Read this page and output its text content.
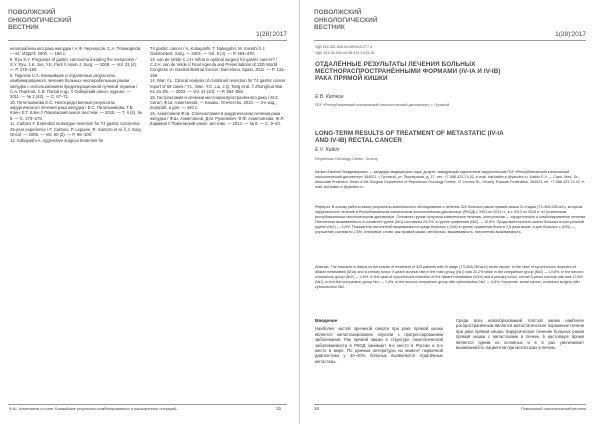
ПОВОЛЖСКИЙ
ОНКОЛОГИЧЕСКИЙ
ВЕСТНИК
1(28)'2017

неоперабельного рака желудка / А.Ф. Черноусов, С.А. Поликарпов. — М.: ИЗДАТ, 2000. — 160 с.

8. Ryu S.Y. Prognosis of gastric carcinoma invading the mesocolon / S.Y. Ryu, J.K. Joo, Y.K. Park // Asian J. Surg. — 2008. — Vol. 31 (4). — P. 175–184.

9. Пирогов С.А. Ближайшие и отдалённые результаты комбинированного лечения больных неоперабельным раком желудка с использованием предоперационной лучевой терапии / С.А. Пирогов, С.В. Попов и др. // Сибирский онкол. журнал. — 2011. — № 2 (42). — С. 67–71.

10. Петельникова Е.С. Непосредственные результаты хирургического лечения рака желудка / Е.С. Петельникова, Т.В. Клен, Е.Г. Клен // Поволжский онкол. вестник. — 2015. — Т. 4 (4). № 5. — С. 273–278.

11. Carboni F. Extended multiorgan resection for T4 gastric carcinoma: 25-year experience / F. Carboni, P. Lepiane, R. Santoro et al. // J. Surg. Oncol. — 2005. — Vol. 90 (2). — P. 95–100.

12. Kobayashi A. Aggressive surgical treatment for

T4 gastric cancer / A. Kobayashi, T. Nakagohri, M. Konishi // J. Gastrointest. Surg. — 2004. — Vol. 8 (4). — P. 464–470.

13. van de Velde C.J.H. What is optimal surgery for gastric cancer? / C.J.H. van de Velde // Final Agenda and Presentations of 13th World Congress on Gastrointestinal Cancer; Barcelona, Spain, 2011. — P. 131–169.

14. Wan Y.L. Clinical analysis of combined resection for T4 gastric cancer report of 69 cases / Y.L. Wan, Y.C. Liu, J.Q. Tang et al. // Zhonghua Wai Ke Za Zhi. — 2003. — Vol. 41 (10). — P. 554–556.

15. Гастрэктомия в лечении местнораспространённого рака / М.З. Сигал, Ф.Ш. Ахметзянов. — Казань: Отечество, 2010. — 3-е изд., перераб. и доп. — 440 с.

16. Ахметзянов Ф.Ш. Спленэктомия в хирургическом лечении рака желудка / Ф.Ш. Ахметзянов, Д.М. Рухилевич, Ф.Ф. Ахметзянова, Ж.Р. Каримов // Поволжский онкол. вестник. — 2014. — № 6. — С. 9–20.

Ф.Ш. Ахметзянов и соавт. Ближайшие результаты комбинированных и расширенных операций...	15
ПОВОЛЖСКИЙ
ОНКОЛОГИЧЕСКИЙ
ВЕСТНИК
1(28)'2017
УДК 616.351-006.04-089:615.277.3
УДК: 616.35-006.04-08-033.2:615.28
ОТДАЛЁННЫЕ РЕЗУЛЬТАТЫ ЛЕЧЕНИЯ БОЛЬНЫХ МЕСТНОРАСПРОСТРАНЁННЫМИ ФОРМАМИ (IV-IA И IV-IB) РАКА ПРЯМОЙ КИШКИ
Е.В. Каткин
ГБУ «Республиканский клинический онкологический диспансер», г. Грозный
LONG-TERM RESULTS OF TREATMENT OF METASTATIC (IV-IA AND IV-IB) RECTAL CANCER
E.V. Katkin
Republican Oncology Center, Grozny
Каткин Евгений Владимирович — кандидат медицинских наук, доцент, заведующий отделением хирургическим ГБУ «Республиканский клинический онкологический диспансер» 364021, г. Грозный, ул. Пионерская, д. 37, тел. +7-988-423-74-02, e-mail: kat.katkin.e.@yandex.ru. Katkin E.V. — Cand. Med. Sc., Associate Professor, Head of the Surgical Department of Republican Oncology Center, 37 Leonov St., Grozny, Russian Federation, 364021, tel. +7-988-423-74-02, e-mail: kat.katkin.e.@yandex.ru
Реферат. В основу работы взяли результаты комплексного обследования и лечения 325 больных раком прямой кишки IV стадии (T3-4N0-2M1a-b), которым хирургическое лечение в Республиканском клиническом онкологическом диспансере (РКОД) с 1991 по 2012 гг., в с 2013 по 2015 гг. в Грозненском республиканском онкологическом диспансере. Основная группа получала комплексное лечение, контрольная — хирургическое и комбинированное лечение. Пятилетняя выживаемость в основной группе (№1) составила 24,2%, в группе сравнения (№2) — 10,8%. Продолжительность жизни больных в контрольной группе (№2) — 4,8%. Показатели пятилетней выживаемости среди больных с (IVA) в группе сравнения были в 2,6 раза выше, а для больных с (IVB) — улучшение составило 2,6%. Ключевые слова: рак прямой кишки, метастазы, выживаемость, пятилетняя выживаемость.
Abstract. The research is based on the results of treatment of 325 patients with IV stage (T3-4N0-2M1a-b) rectal cancer. In the case of synchronous resection of distant metastases (M1a) and a primary tumor, 5-years survival rate in the main group (№1) was 24,2% while in the comparison group (№2) — 10,8%. In the second comparison group (№2) — 4,8%. In the case of synchronous resection of the distant metastases (M1b) and a primary tumor, overall 5-years survival rate was 13,6% (№1), in the first comparison group №1 — 7,4%, in the second comparison group with cytoreduction №2 — 4,8%. Keywords: rectal cancer, combined surgery with cytoreduction №2.
Введение
Наиболее частой причиной смерти при раке прямой кишки является метастазирование опухоли с прогрессированием заболевания. Рак прямой кишки в структуре онкологической заболеваемости в РКОД занимает 6-е место в России и 5-е место в мире. По данным литературы на момент первичной диагностики у 20–40% больных выявляются отдалённые метастазы.
Среди всех новообразований толстой кишки наиболее распространённым является метастатическое поражение печени при раке прямой кишки. Хирургическое лечение больных раком прямой кишки с метастазами в печень в настоящее время является одним из основных и в 5 раз увеличивает выживаемость пациентов при метастазах в печень.
16	Поволжский онкологический вестник
